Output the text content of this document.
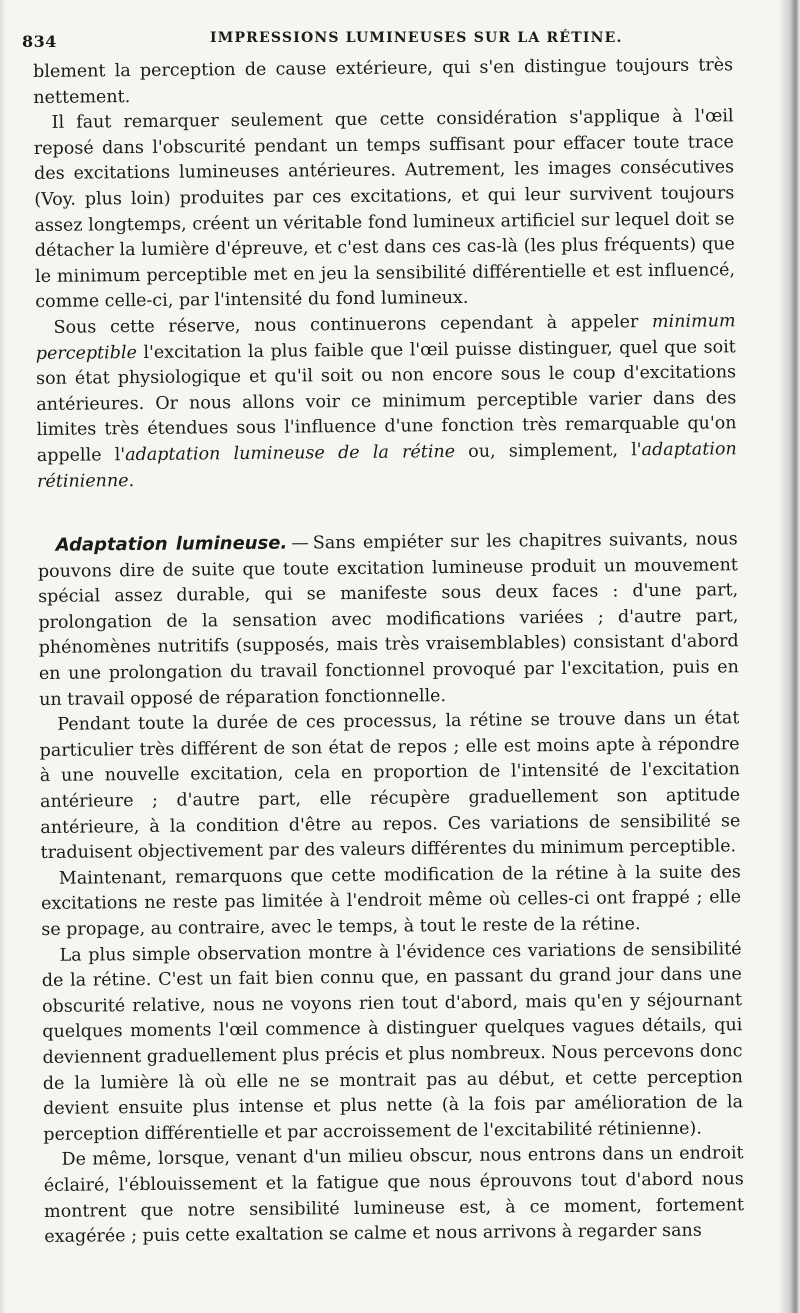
834	IMPRESSIONS LUMINEUSES SUR LA RÉTINE.

blement la perception de cause extérieure, qui s'en distingue toujours très nettement.

Il faut remarquer seulement que cette considération s'applique à l'œil reposé dans l'obscurité pendant un temps suffisant pour effacer toute trace des excitations lumineuses antérieures. Autrement, les images consécutives (Voy. plus loin) produites par ces excitations, et qui leur survivent toujours assez longtemps, créent un véritable fond lumineux artificiel sur lequel doit se détacher la lumière d'épreuve, et c'est dans ces cas-là (les plus fréquents) que le minimum perceptible met en jeu la sensibilité différentielle et est influencé, comme celle-ci, par l'intensité du fond lumineux.

Sous cette réserve, nous continuerons cependant à appeler minimum perceptible l'excitation la plus faible que l'œil puisse distinguer, quel que soit son état physiologique et qu'il soit ou non encore sous le coup d'excitations antérieures. Or nous allons voir ce minimum perceptible varier dans des limites très étendues sous l'influence d'une fonction très remarquable qu'on appelle l'adaptation lumineuse de la rétine ou, simplement, l'adaptation rétinienne.

Adaptation lumineuse. — Sans empiéter sur les chapitres suivants, nous pouvons dire de suite que toute excitation lumineuse produit un mouvement spécial assez durable, qui se manifeste sous deux faces : d'une part, prolongation de la sensation avec modifications variées ; d'autre part, phénomènes nutritifs (supposés, mais très vraisemblables) consistant d'abord en une prolongation du travail fonctionnel provoqué par l'excitation, puis en un travail opposé de réparation fonctionnelle.

Pendant toute la durée de ces processus, la rétine se trouve dans un état particulier très différent de son état de repos ; elle est moins apte à répondre à une nouvelle excitation, cela en proportion de l'intensité de l'excitation antérieure ; d'autre part, elle récupère graduellement son aptitude antérieure, à la condition d'être au repos. Ces variations de sensibilité se traduisent objectivement par des valeurs différentes du minimum perceptible.

Maintenant, remarquons que cette modification de la rétine à la suite des excitations ne reste pas limitée à l'endroit même où celles-ci ont frappé ; elle se propage, au contraire, avec le temps, à tout le reste de la rétine.

La plus simple observation montre à l'évidence ces variations de sensibilité de la rétine. C'est un fait bien connu que, en passant du grand jour dans une obscurité relative, nous ne voyons rien tout d'abord, mais qu'en y séjournant quelques moments l'œil commence à distinguer quelques vagues détails, qui deviennent graduellement plus précis et plus nombreux. Nous percevons donc de la lumière là où elle ne se montrait pas au début, et cette perception devient ensuite plus intense et plus nette (à la fois par amélioration de la perception différentielle et par accroissement de l'excitabilité rétinienne).

De même, lorsque, venant d'un milieu obscur, nous entrons dans un endroit éclairé, l'éblouissement et la fatigue que nous éprouvons tout d'abord nous montrent que notre sensibilité lumineuse est, à ce moment, fortement exagérée ; puis cette exaltation se calme et nous arrivons à regarder sans
